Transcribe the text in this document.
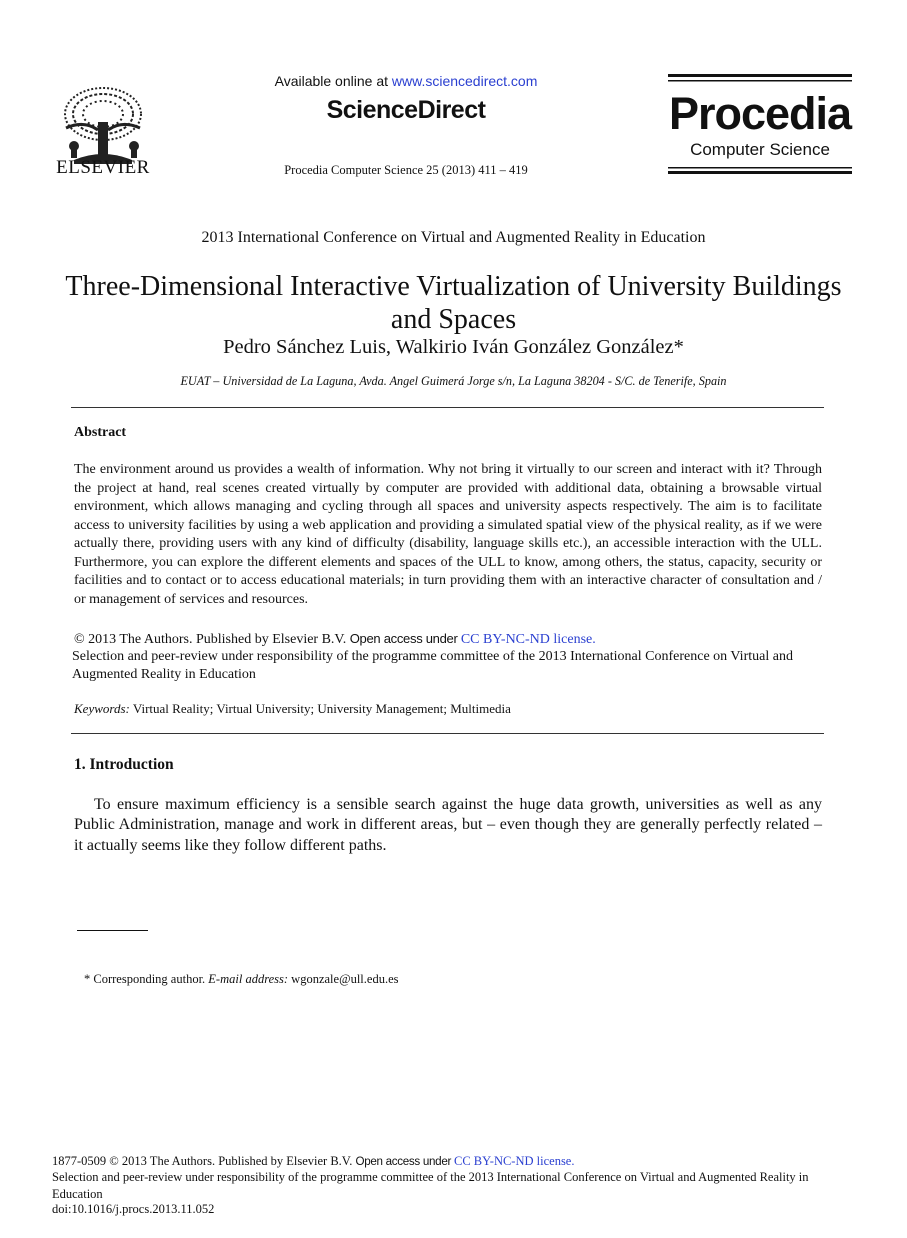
ELSEVIER
Available online at www.sciencedirect.com
ScienceDirect
Procedia Computer Science 25 (2013) 411 – 419
Procedia
Computer Science
2013 International Conference on Virtual and Augmented Reality in Education
Three-Dimensional Interactive Virtualization of University Buildings and Spaces
Pedro Sánchez Luis, Walkirio Iván González González*
EUAT – Universidad de La Laguna, Avda. Angel Guimerá Jorge s/n, La Laguna 38204 - S/C. de Tenerife, Spain
Abstract
The environment around us provides a wealth of information. Why not bring it virtually to our screen and interact with it? Through the project at hand, real scenes created virtually by computer are provided with additional data, obtaining a browsable virtual environment, which allows managing and cycling through all spaces and university aspects respectively. The aim is to facilitate access to university facilities by using a web application and providing a simulated spatial view of the physical reality, as if we were actually there, providing users with any kind of difficulty (disability, language skills etc.), an accessible interaction with the ULL. Furthermore, you can explore the different elements and spaces of the ULL to know, among others, the status, capacity, security or facilities and to contact or to access educational materials; in turn providing them with an interactive character of consultation and / or management of services and resources.
© 2013 The Authors. Published by Elsevier B.V. Open access under CC BY-NC-ND license.
Selection and peer-review under responsibility of the programme committee of the 2013 International Conference on Virtual and Augmented Reality in Education
Keywords: Virtual Reality; Virtual University; University Management; Multimedia
1. Introduction
To ensure maximum efficiency is a sensible search against the huge data growth, universities as well as any Public Administration, manage and work in different areas, but – even though they are generally perfectly related – it actually seems like they follow different paths.
* Corresponding author. E-mail address: wgonzale@ull.edu.es
1877-0509 © 2013 The Authors. Published by Elsevier B.V. Open access under CC BY-NC-ND license.
Selection and peer-review under responsibility of the programme committee of the 2013 International Conference on Virtual and Augmented Reality in Education
doi:10.1016/j.procs.2013.11.052
